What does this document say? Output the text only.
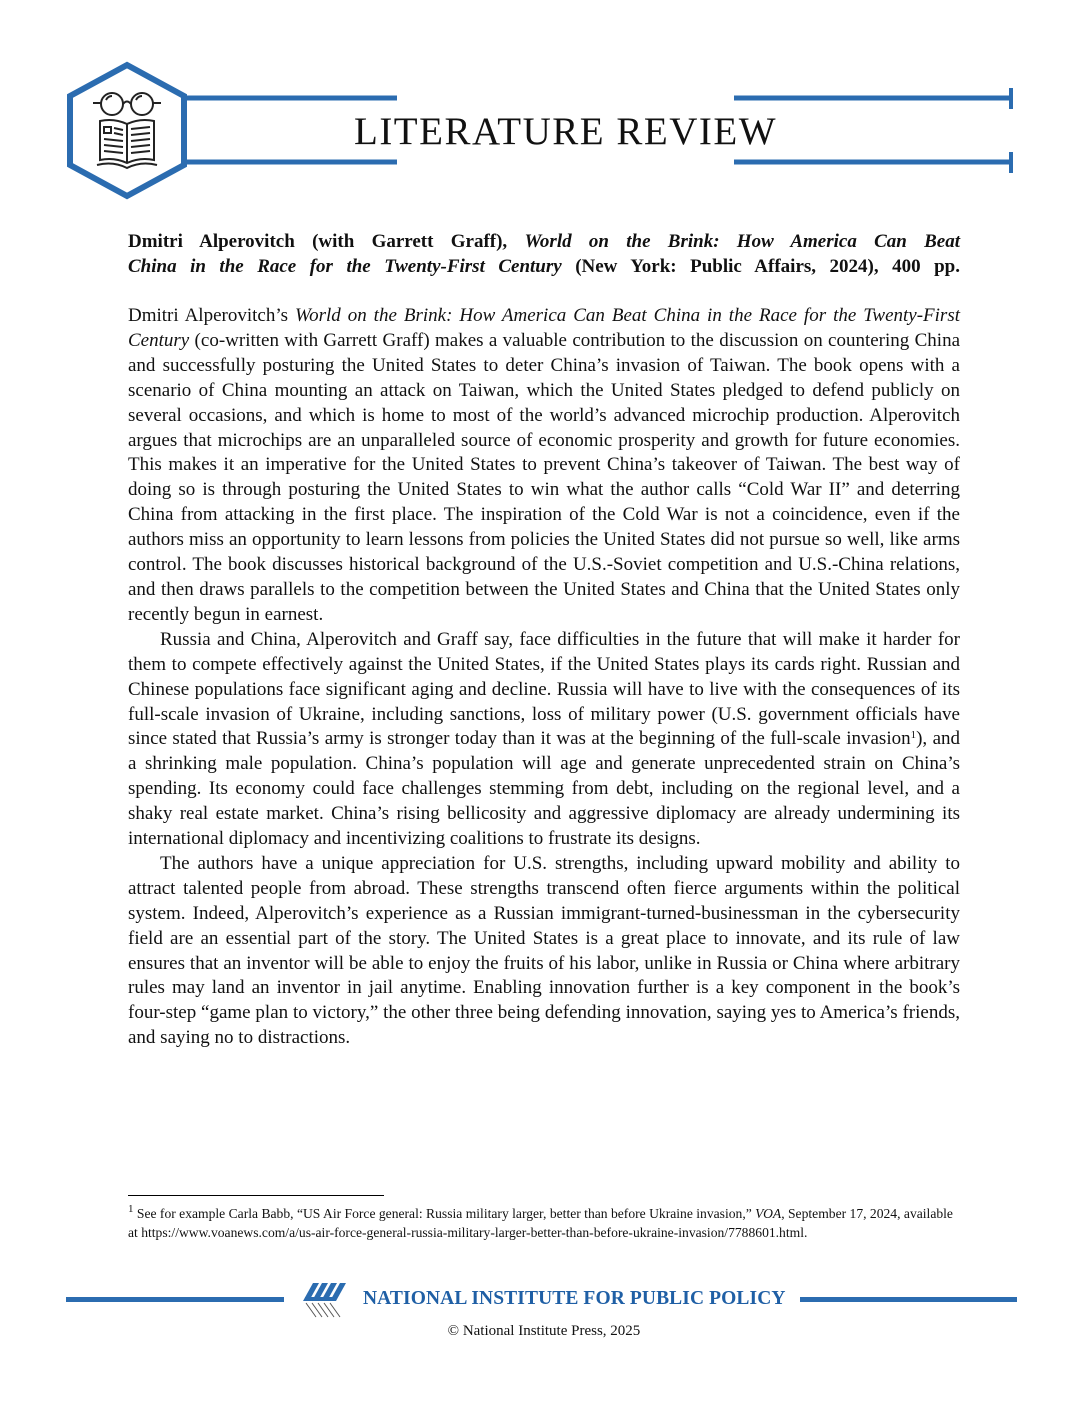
LITERATURE REVIEW
Dmitri Alperovitch (with Garrett Graff), World on the Brink: How America Can Beat
China in the Race for the Twenty-First Century (New York: Public Affairs, 2024), 400 pp.

Dmitri Alperovitch’s World on the Brink: How America Can Beat China in the Race for the Twenty-First Century (co-written with Garrett Graff) makes a valuable contribution to the discussion on countering China and successfully posturing the United States to deter China’s invasion of Taiwan. The book opens with a scenario of China mounting an attack on Taiwan, which the United States pledged to defend publicly on several occasions, and which is home to most of the world’s advanced microchip production. Alperovitch argues that microchips are an unparalleled source of economic prosperity and growth for future economies. This makes it an imperative for the United States to prevent China’s takeover of Taiwan. The best way of doing so is through posturing the United States to win what the author calls “Cold War II” and deterring China from attacking in the first place. The inspiration of the Cold War is not a coincidence, even if the authors miss an opportunity to learn lessons from policies the United States did not pursue so well, like arms control. The book discusses historical background of the U.S.-Soviet competition and U.S.-China relations, and then draws parallels to the competition between the United States and China that the United States only recently begun in earnest.

Russia and China, Alperovitch and Graff say, face difficulties in the future that will make it harder for them to compete effectively against the United States, if the United States plays its cards right. Russian and Chinese populations face significant aging and decline. Russia will have to live with the consequences of its full-scale invasion of Ukraine, including sanctions, loss of military power (U.S. government officials have since stated that Russia’s army is stronger today than it was at the beginning of the full-scale invasion$^1$), and a shrinking male population. China’s population will age and generate unprecedented strain on China’s spending. Its economy could face challenges stemming from debt, including on the regional level, and a shaky real estate market. China’s rising bellicosity and aggressive diplomacy are already undermining its international diplomacy and incentivizing coalitions to frustrate its designs.

The authors have a unique appreciation for U.S. strengths, including upward mobility and ability to attract talented people from abroad. These strengths transcend often fierce arguments within the political system. Indeed, Alperovitch’s experience as a Russian immigrant-turned-businessman in the cybersecurity field are an essential part of the story. The United States is a great place to innovate, and its rule of law ensures that an inventor will be able to enjoy the fruits of his labor, unlike in Russia or China where arbitrary rules may land an inventor in jail anytime. Enabling innovation further is a key component in the book’s four-step “game plan to victory,” the other three being defending innovation, saying yes to America’s friends, and saying no to distractions.

$^1$ See for example Carla Babb, “US Air Force general: Russia military larger, better than before Ukraine invasion,” VOA, September 17, 2024, available at https://www.voanews.com/a/us-air-force-general-russia-military-larger-better-than-before-ukraine-invasion/7788601.html.
NATIONAL INSTITUTE FOR PUBLIC POLICY
© National Institute Press, 2025
